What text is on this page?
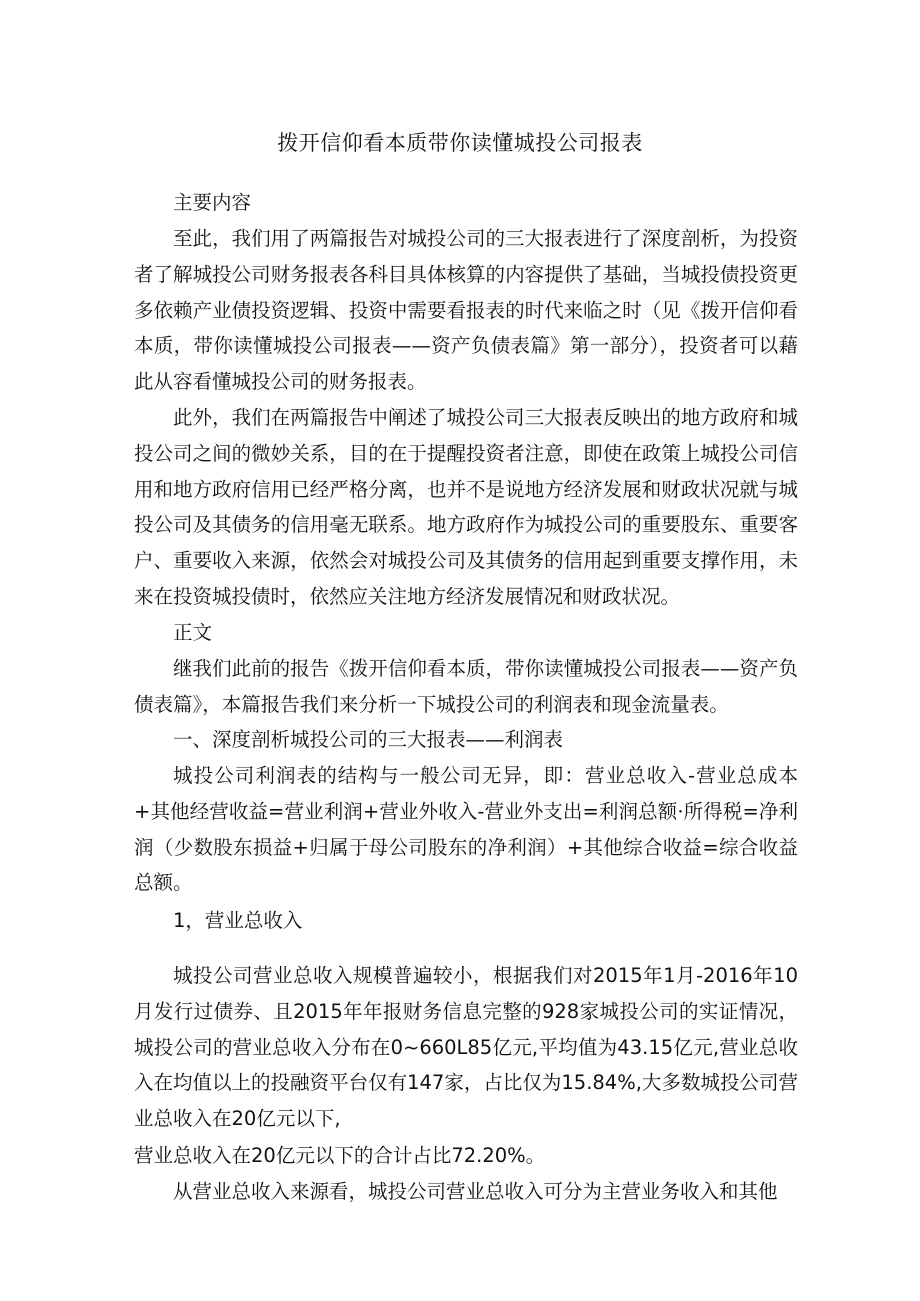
拨开信仰看本质带你读懂城投公司报表
主要内容
至此，我们用了两篇报告对城投公司的三大报表进行了深度剖析，为投资者了解城投公司财务报表各科目具体核算的内容提供了基础，当城投债投资更多依赖产业债投资逻辑、投资中需要看报表的时代来临之时（见《拨开信仰看本质，带你读懂城投公司报表——资产负债表篇》第一部分），投资者可以藉此从容看懂城投公司的财务报表。
此外，我们在两篇报告中阐述了城投公司三大报表反映出的地方政府和城投公司之间的微妙关系，目的在于提醒投资者注意，即使在政策上城投公司信用和地方政府信用已经严格分离，也并不是说地方经济发展和财政状况就与城投公司及其债务的信用毫无联系。地方政府作为城投公司的重要股东、重要客户、重要收入来源，依然会对城投公司及其债务的信用起到重要支撑作用，未来在投资城投债时，依然应关注地方经济发展情况和财政状况。
正文
继我们此前的报告《拨开信仰看本质，带你读懂城投公司报表——资产负债表篇》，本篇报告我们来分析一下城投公司的利润表和现金流量表。
一、深度剖析城投公司的三大报表——利润表
城投公司利润表的结构与一般公司无异，即：营业总收入-营业总成本+其他经营收益=营业利润+营业外收入-营业外支出=利润总额·所得税=净利润（少数股东损益+归属于母公司股东的净利润）+其他综合收益=综合收益总额。
1，营业总收入
城投公司营业总收入规模普遍较小，根据我们对2015年1月-2016年10月发行过债券、且2015年年报财务信息完整的928家城投公司的实证情况，城投公司的营业总收入分布在0~660L85亿元,平均值为43.15亿元,营业总收入在均值以上的投融资平台仅有147家，占比仅为15.84%,大多数城投公司营业总收入在20亿元以下,
营业总收入在20亿元以下的合计占比72.20%。
从营业总收入来源看，城投公司营业总收入可分为主营业务收入和其他
